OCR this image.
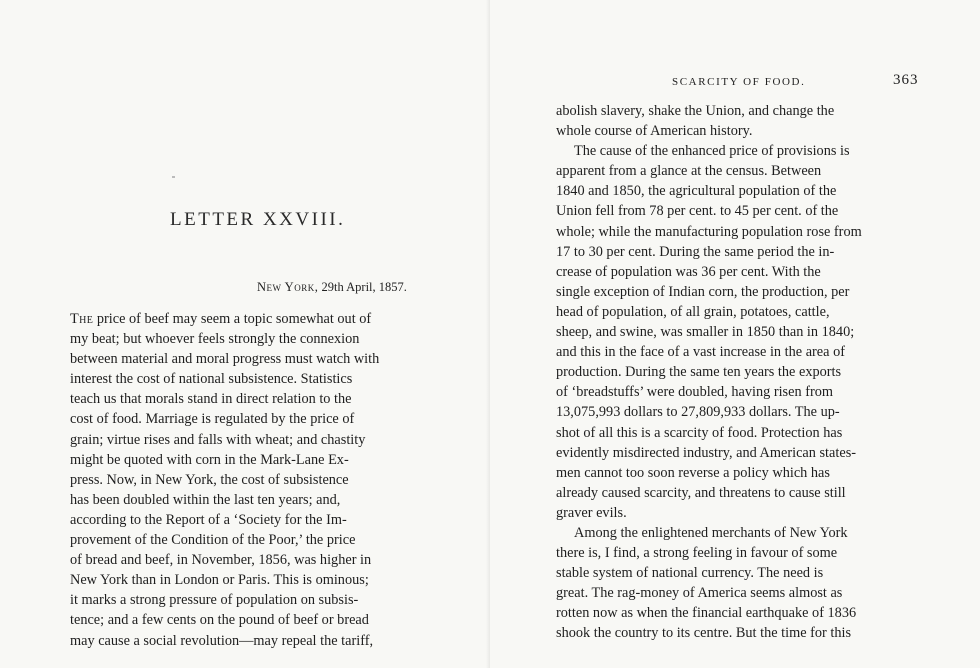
LETTER XXVIII.
New York, 29th April, 1857.
The price of beef may seem a topic somewhat out of
my beat; but whoever feels strongly the connexion
between material and moral progress must watch with
interest the cost of national subsistence. Statistics
teach us that morals stand in direct relation to the
cost of food. Marriage is regulated by the price of
grain; virtue rises and falls with wheat; and chastity
might be quoted with corn in the Mark-Lane Ex-
press. Now, in New York, the cost of subsistence
has been doubled within the last ten years; and,
according to the Report of a ‘Society for the Im-
provement of the Condition of the Poor,’ the price
of bread and beef, in November, 1856, was higher in
New York than in London or Paris. This is ominous;
it marks a strong pressure of population on subsis-
tence; and a few cents on the pound of beef or bread
may cause a social revolution—may repeal the tariff,
SCARCITY OF FOOD.	363
abolish slavery, shake the Union, and change the
whole course of American history.
The cause of the enhanced price of provisions is
apparent from a glance at the census. Between
1840 and 1850, the agricultural population of the
Union fell from 78 per cent. to 45 per cent. of the
whole; while the manufacturing population rose from
17 to 30 per cent. During the same period the in-
crease of population was 36 per cent. With the
single exception of Indian corn, the production, per
head of population, of all grain, potatoes, cattle,
sheep, and swine, was smaller in 1850 than in 1840;
and this in the face of a vast increase in the area of
production. During the same ten years the exports
of ‘breadstuffs’ were doubled, having risen from
13,075,993 dollars to 27,809,933 dollars. The up-
shot of all this is a scarcity of food. Protection has
evidently misdirected industry, and American states-
men cannot too soon reverse a policy which has
already caused scarcity, and threatens to cause still
graver evils.
Among the enlightened merchants of New York
there is, I find, a strong feeling in favour of some
stable system of national currency. The need is
great. The rag-money of America seems almost as
rotten now as when the financial earthquake of 1836
shook the country to its centre. But the time for this
